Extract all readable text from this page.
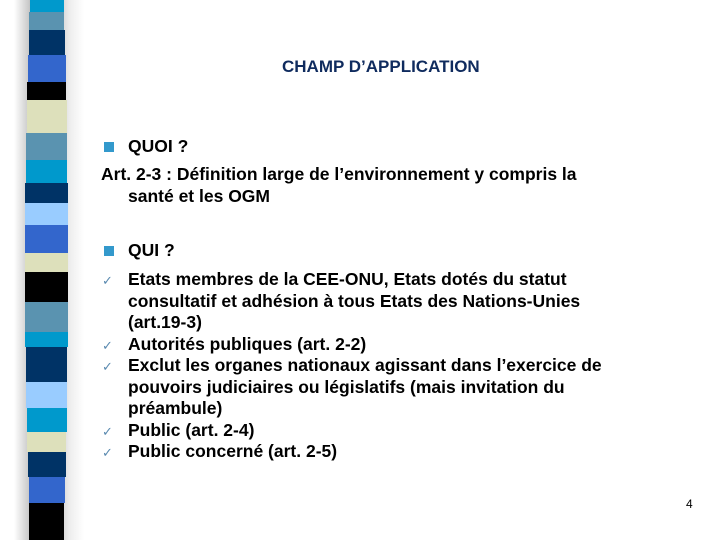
CHAMP D’APPLICATION
QUOI ?
Art. 2-3 : Définition large de l’environnement y compris la
santé et les OGM
QUI ?
✓ Etats membres de la CEE-ONU, Etats dotés du statut
consultatif et adhésion à tous Etats des Nations-Unies
(art.19-3)
✓ Autorités publiques (art. 2-2)
✓ Exclut les organes nationaux agissant dans l’exercice de
pouvoirs judiciaires ou législatifs (mais invitation du
préambule)
✓ Public (art. 2-4)
✓ Public concerné (art. 2-5)
4
